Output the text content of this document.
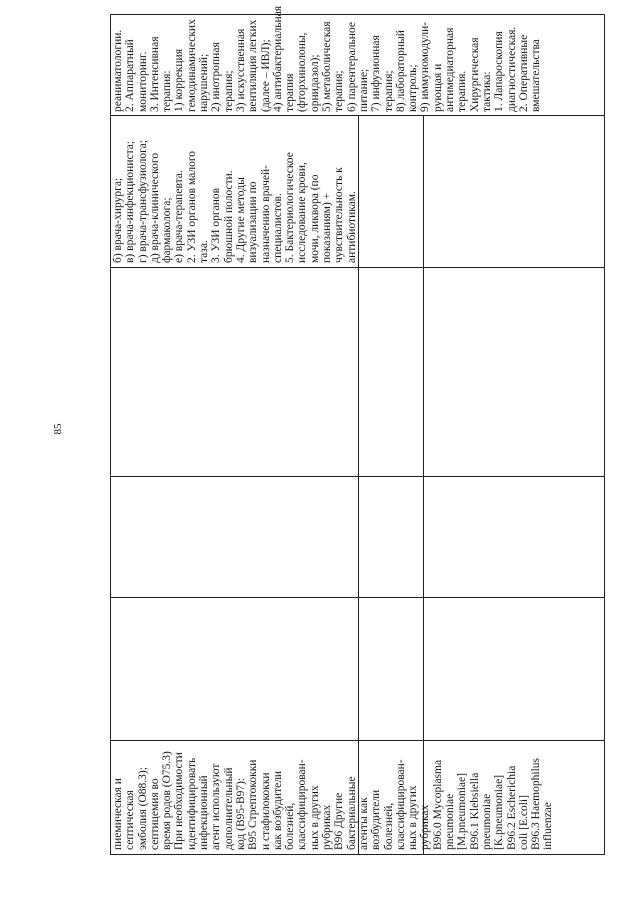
85
пиемическая и септическая эмболия (O88.3); септицемия во время родов (O75.3) При необходимости идентифицировать инфекционный агент используют дополнительный код (B95-B97): B95 Стрептококки и стафилококки как возбудители болезней, классифицирован- ных в других рубриках B96 Другие бактериальные агенты как возбудители болезней, классифицирован- ных в других рубриках B96.0 Mycoplasma pneumoniae [M.pneumoniae] B96.1 Klebsiella pneumoniae [K.pneumoniae] B96.2 Escherichia coli [E.coli] B96.3 Haemophilus influenzae
б) врача-хирурга; в) врача-инфекциониста; г) врача-трансфузиолога; д) врача-клинического фармаколога; е) врача-терапевта. 2. УЗИ органов малого таза. 3. УЗИ органов брюшной полости. 4. Другие методы визуализации по назначению врачей- специалистов. 5. Бактериологическое исследование крови, мочи, ликвора (по показаниям) + чувствительность к антибиотикам.
реаниматологии. 2. Аппаратный мониторинг. 3. Интенсивная терапия: 1) коррекция гемодинамических нарушений; 2) инотропная терапия; 3) искусственная вентиляция легких (далее – ИВЛ); 4) антибактериальная терапия (фторхинолоны, орнидазол); 5) метаболическая терапия; 6) парентеральное питание; 7) инфузионная терапия; 8) лабораторный контроль; 9) иммуномодули- рующая и антимедиаторная терапия. Хирургическая тактика: 1. Лапароскопия диагностическая. 2. Оперативные вмешательства
